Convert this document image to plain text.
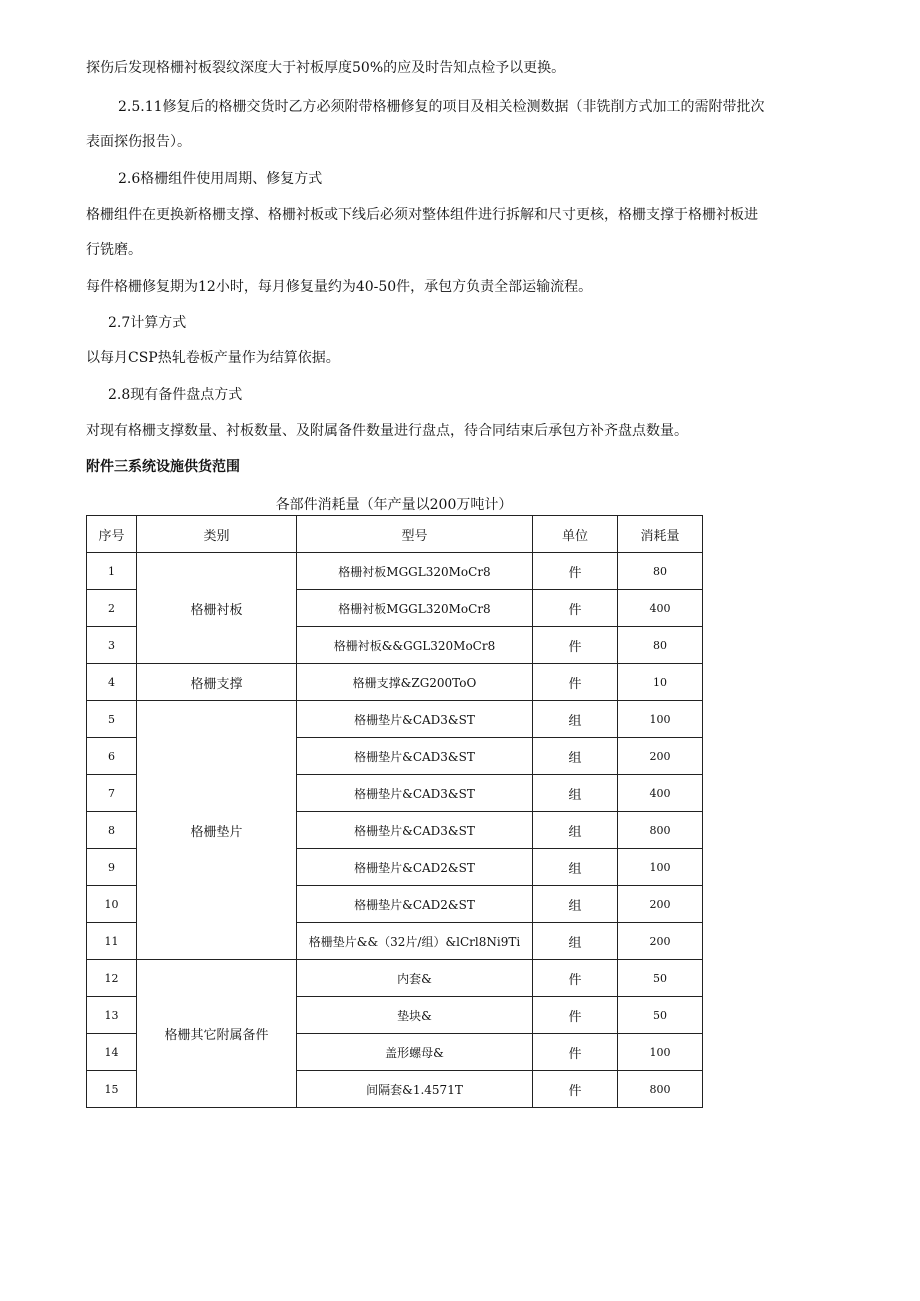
探伤后发现格栅衬板裂纹深度大于衬板厚度50%的应及时告知点检予以更换。
2.5.11修复后的格栅交货时乙方必须附带格栅修复的项目及相关检测数据（非铣削方式加工的需附带批次
表面探伤报告）。
2.6格栅组件使用周期、修复方式
格栅组件在更换新格栅支撑、格栅衬板或下线后必须对整体组件进行拆解和尺寸更核，格栅支撑于格栅衬板进
行铣磨。
每件格栅修复期为12小时，每月修复量约为40-50件，承包方负责全部运输流程。
2.7计算方式
以每月CSP热轧卷板产量作为结算依据。
2.8现有备件盘点方式
对现有格栅支撑数量、衬板数量、及附属备件数量进行盘点，待合同结束后承包方补齐盘点数量。
附件三系统设施供货范围
各部件消耗量（年产量以200万吨计）
序号	类别	型号	单位	消耗量
1	格栅衬板	格栅衬板MGGL320MoCr8	件	80
2		格栅衬板MGGL320MoCr8	件	400
3		格栅衬板&&GGL320MoCr8	件	80
4	格栅支撑	格栅支撑&ZG200ToO	件	10
5	格栅垫片	格栅垫片&CAD3&ST	组	100
6		格栅垫片&CAD3&ST	组	200
7		格栅垫片&CAD3&ST	组	400
8		格栅垫片&CAD3&ST	组	800
9		格栅垫片&CAD2&ST	组	100
10		格栅垫片&CAD2&ST	组	200
11		格栅垫片&&（32片/组）&lCrl8Ni9Ti	组	200
12	格栅其它附属备件	内套&	件	50
13		垫块&	件	50
14		盖形螺母&	件	100
15		间隔套&1.4571T	件	800
